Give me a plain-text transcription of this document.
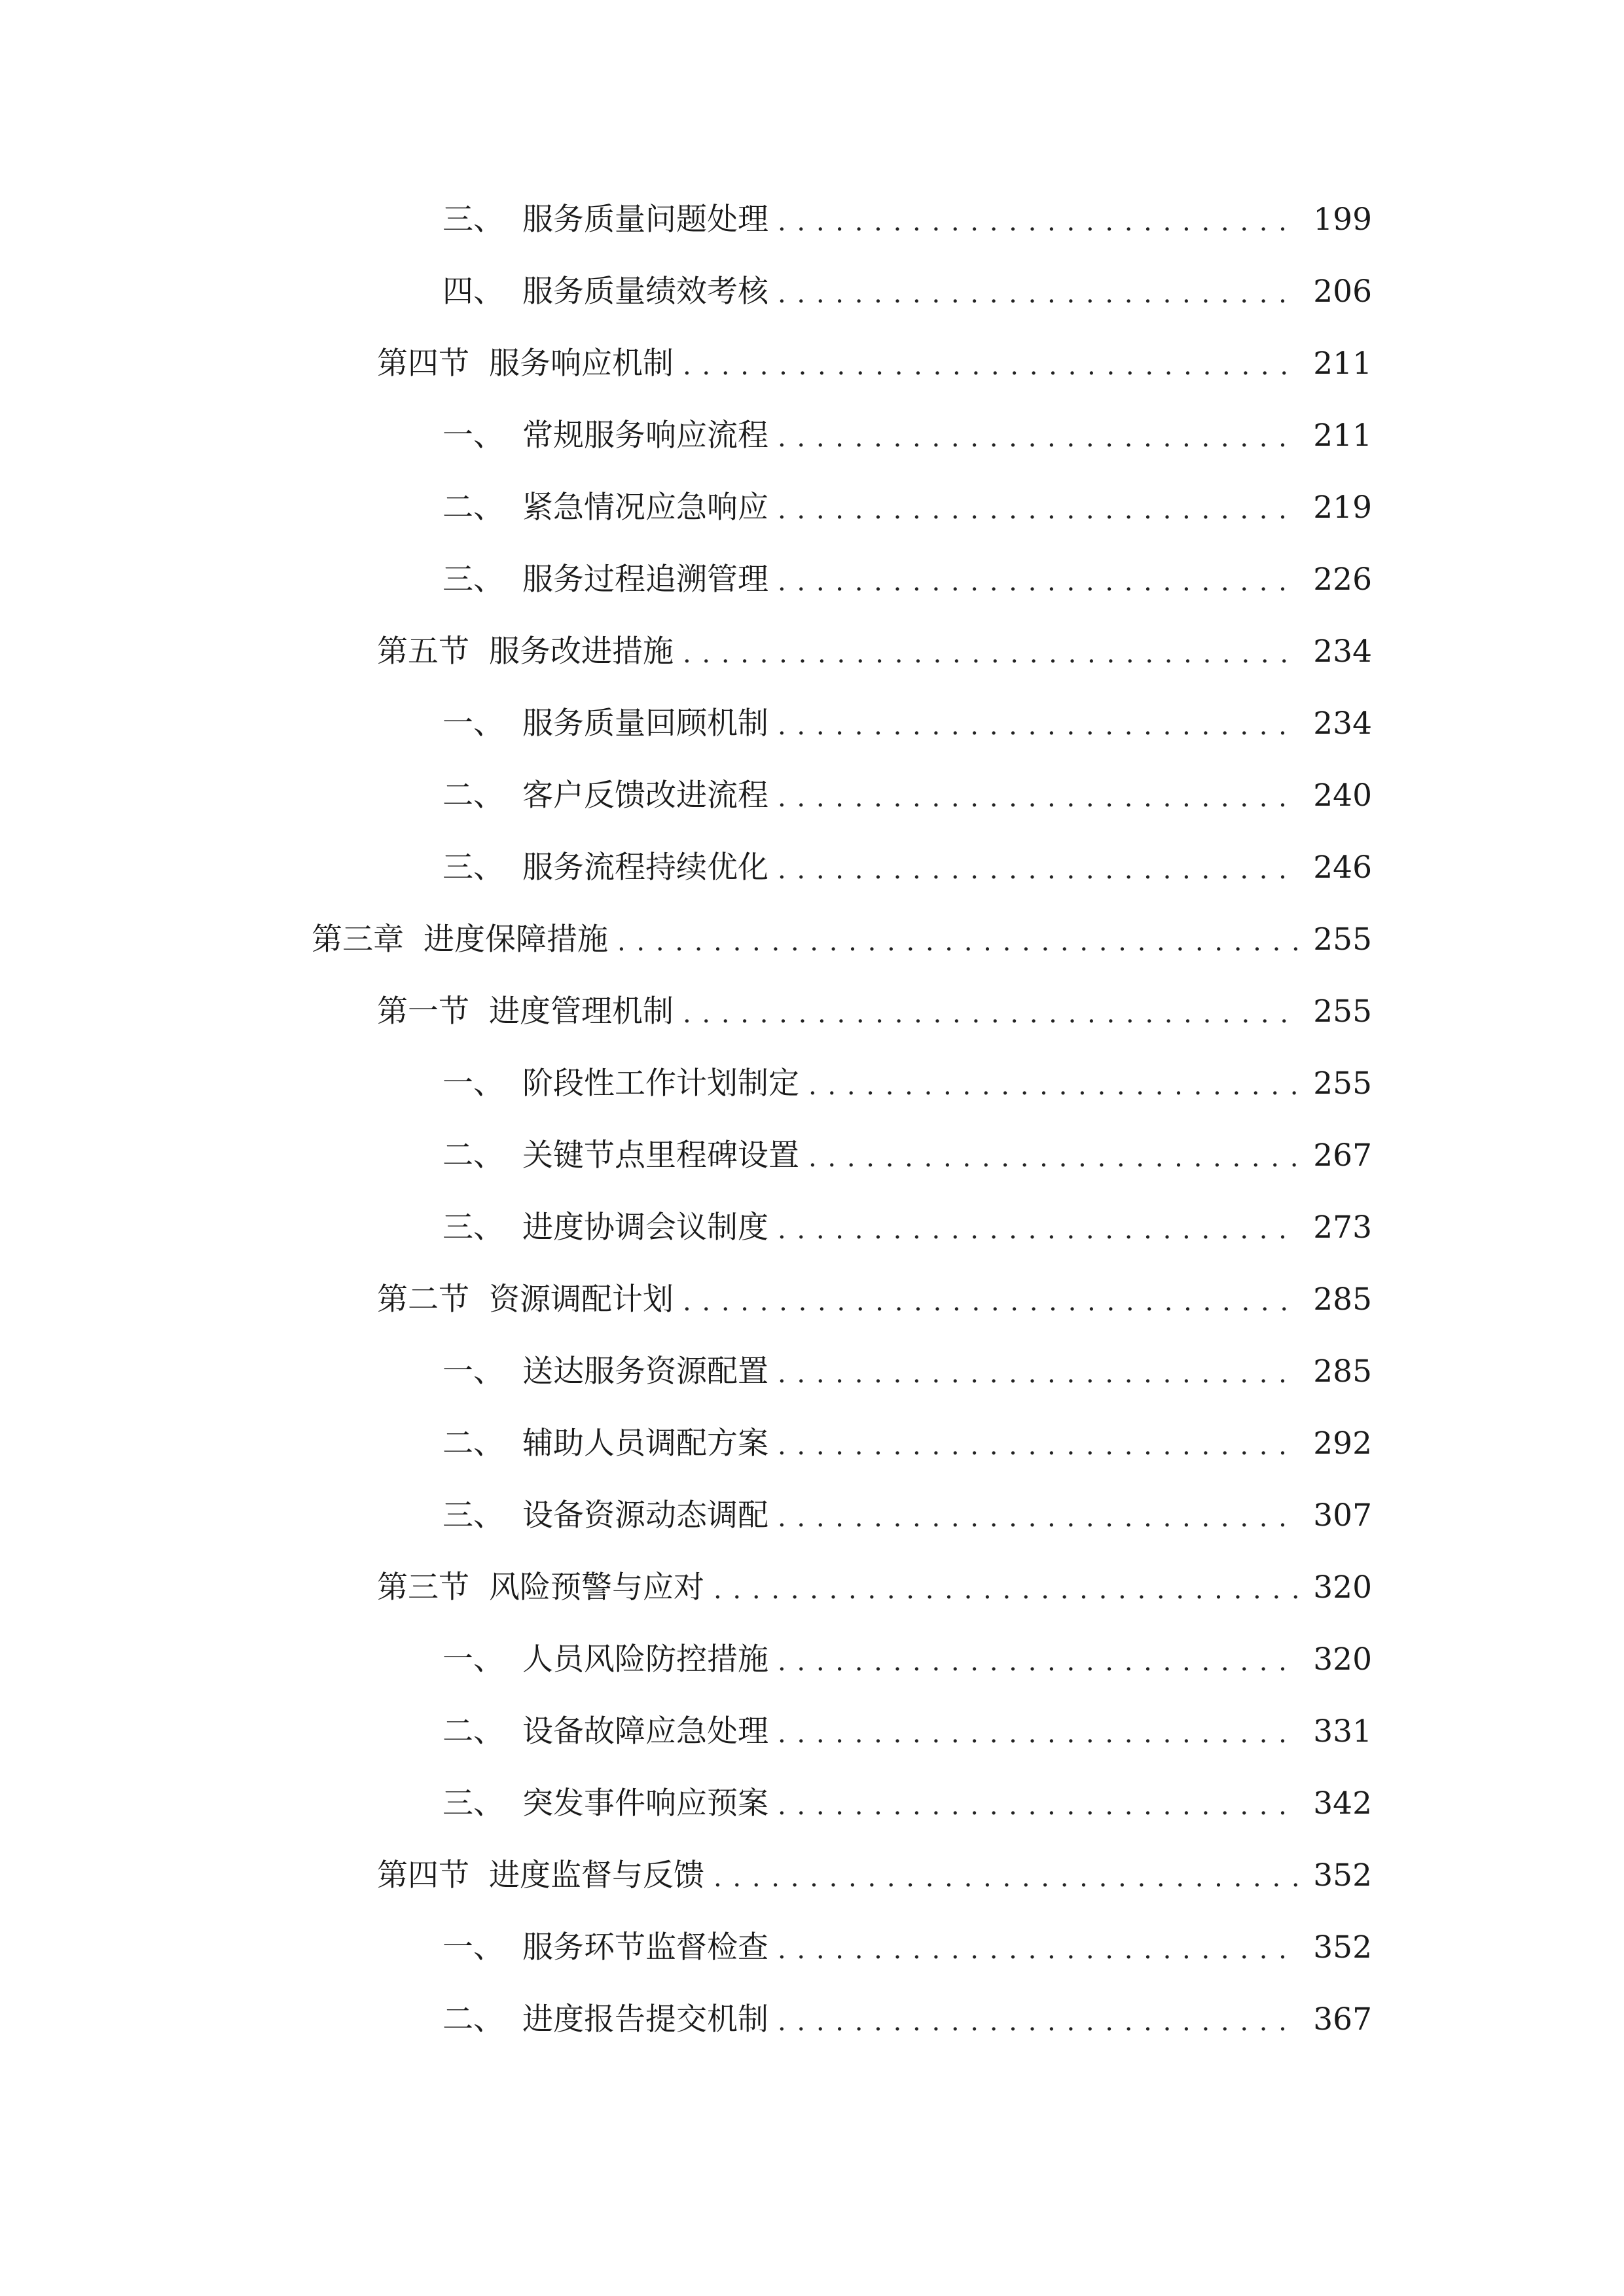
三、 服务质量问题处理 . . .	199
四、 服务质量绩效考核 . . .	206
第四节 服务响应机制 . . .	211
一、 常规服务响应流程 . . .	211
二、 紧急情况应急响应 . . .	219
三、 服务过程追溯管理 . . .	226
第五节 服务改进措施 . . .	234
一、 服务质量回顾机制 . . .	234
二、 客户反馈改进流程 . . .	240
三、 服务流程持续优化 . . .	246
第三章 进度保障措施 . . .	255
第一节 进度管理机制 . . .	255
一、 阶段性工作计划制定 . . .	255
二、 关键节点里程碑设置 . . .	267
三、 进度协调会议制度 . . .	273
第二节 资源调配计划 . . .	285
一、 送达服务资源配置 . . .	285
二、 辅助人员调配方案 . . .	292
三、 设备资源动态调配 . . .	307
第三节 风险预警与应对 . . .	320
一、 人员风险防控措施 . . .	320
二、 设备故障应急处理 . . .	331
三、 突发事件响应预案 . . .	342
第四节 进度监督与反馈 . . .	352
一、 服务环节监督检查 . . .	352
二、 进度报告提交机制 . . .	367
